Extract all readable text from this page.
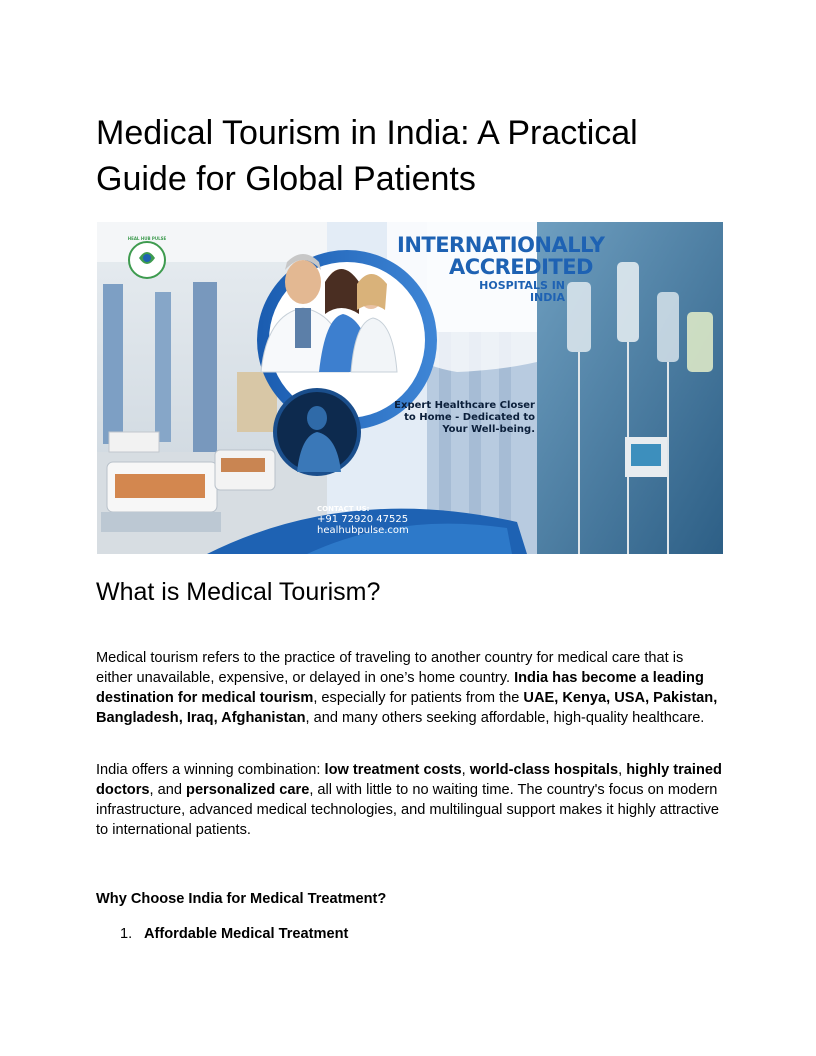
Medical Tourism in India: A Practical Guide for Global Patients
INTERNATIONALLY
ACCREDITED
HOSPITALS IN
INDIA
Expert Healthcare Closer
to Home - Dedicated to
Your Well-being.
CONTACT US:
+91 72920 47525
healhubpulse.com
HEAL HUB PULSE
What is Medical Tourism?

Medical tourism refers to the practice of traveling to another country for medical care that is either unavailable, expensive, or delayed in one’s home country. India has become a leading destination for medical tourism, especially for patients from the UAE, Kenya, USA, Pakistan, Bangladesh, Iraq, Afghanistan, and many others seeking affordable, high-quality healthcare.

India offers a winning combination: low treatment costs, world-class hospitals, highly trained doctors, and personalized care, all with little to no waiting time. The country's focus on modern infrastructure, advanced medical technologies, and multilingual support makes it highly attractive to international patients.

Why Choose India for Medical Treatment?

1. Affordable Medical Treatment
